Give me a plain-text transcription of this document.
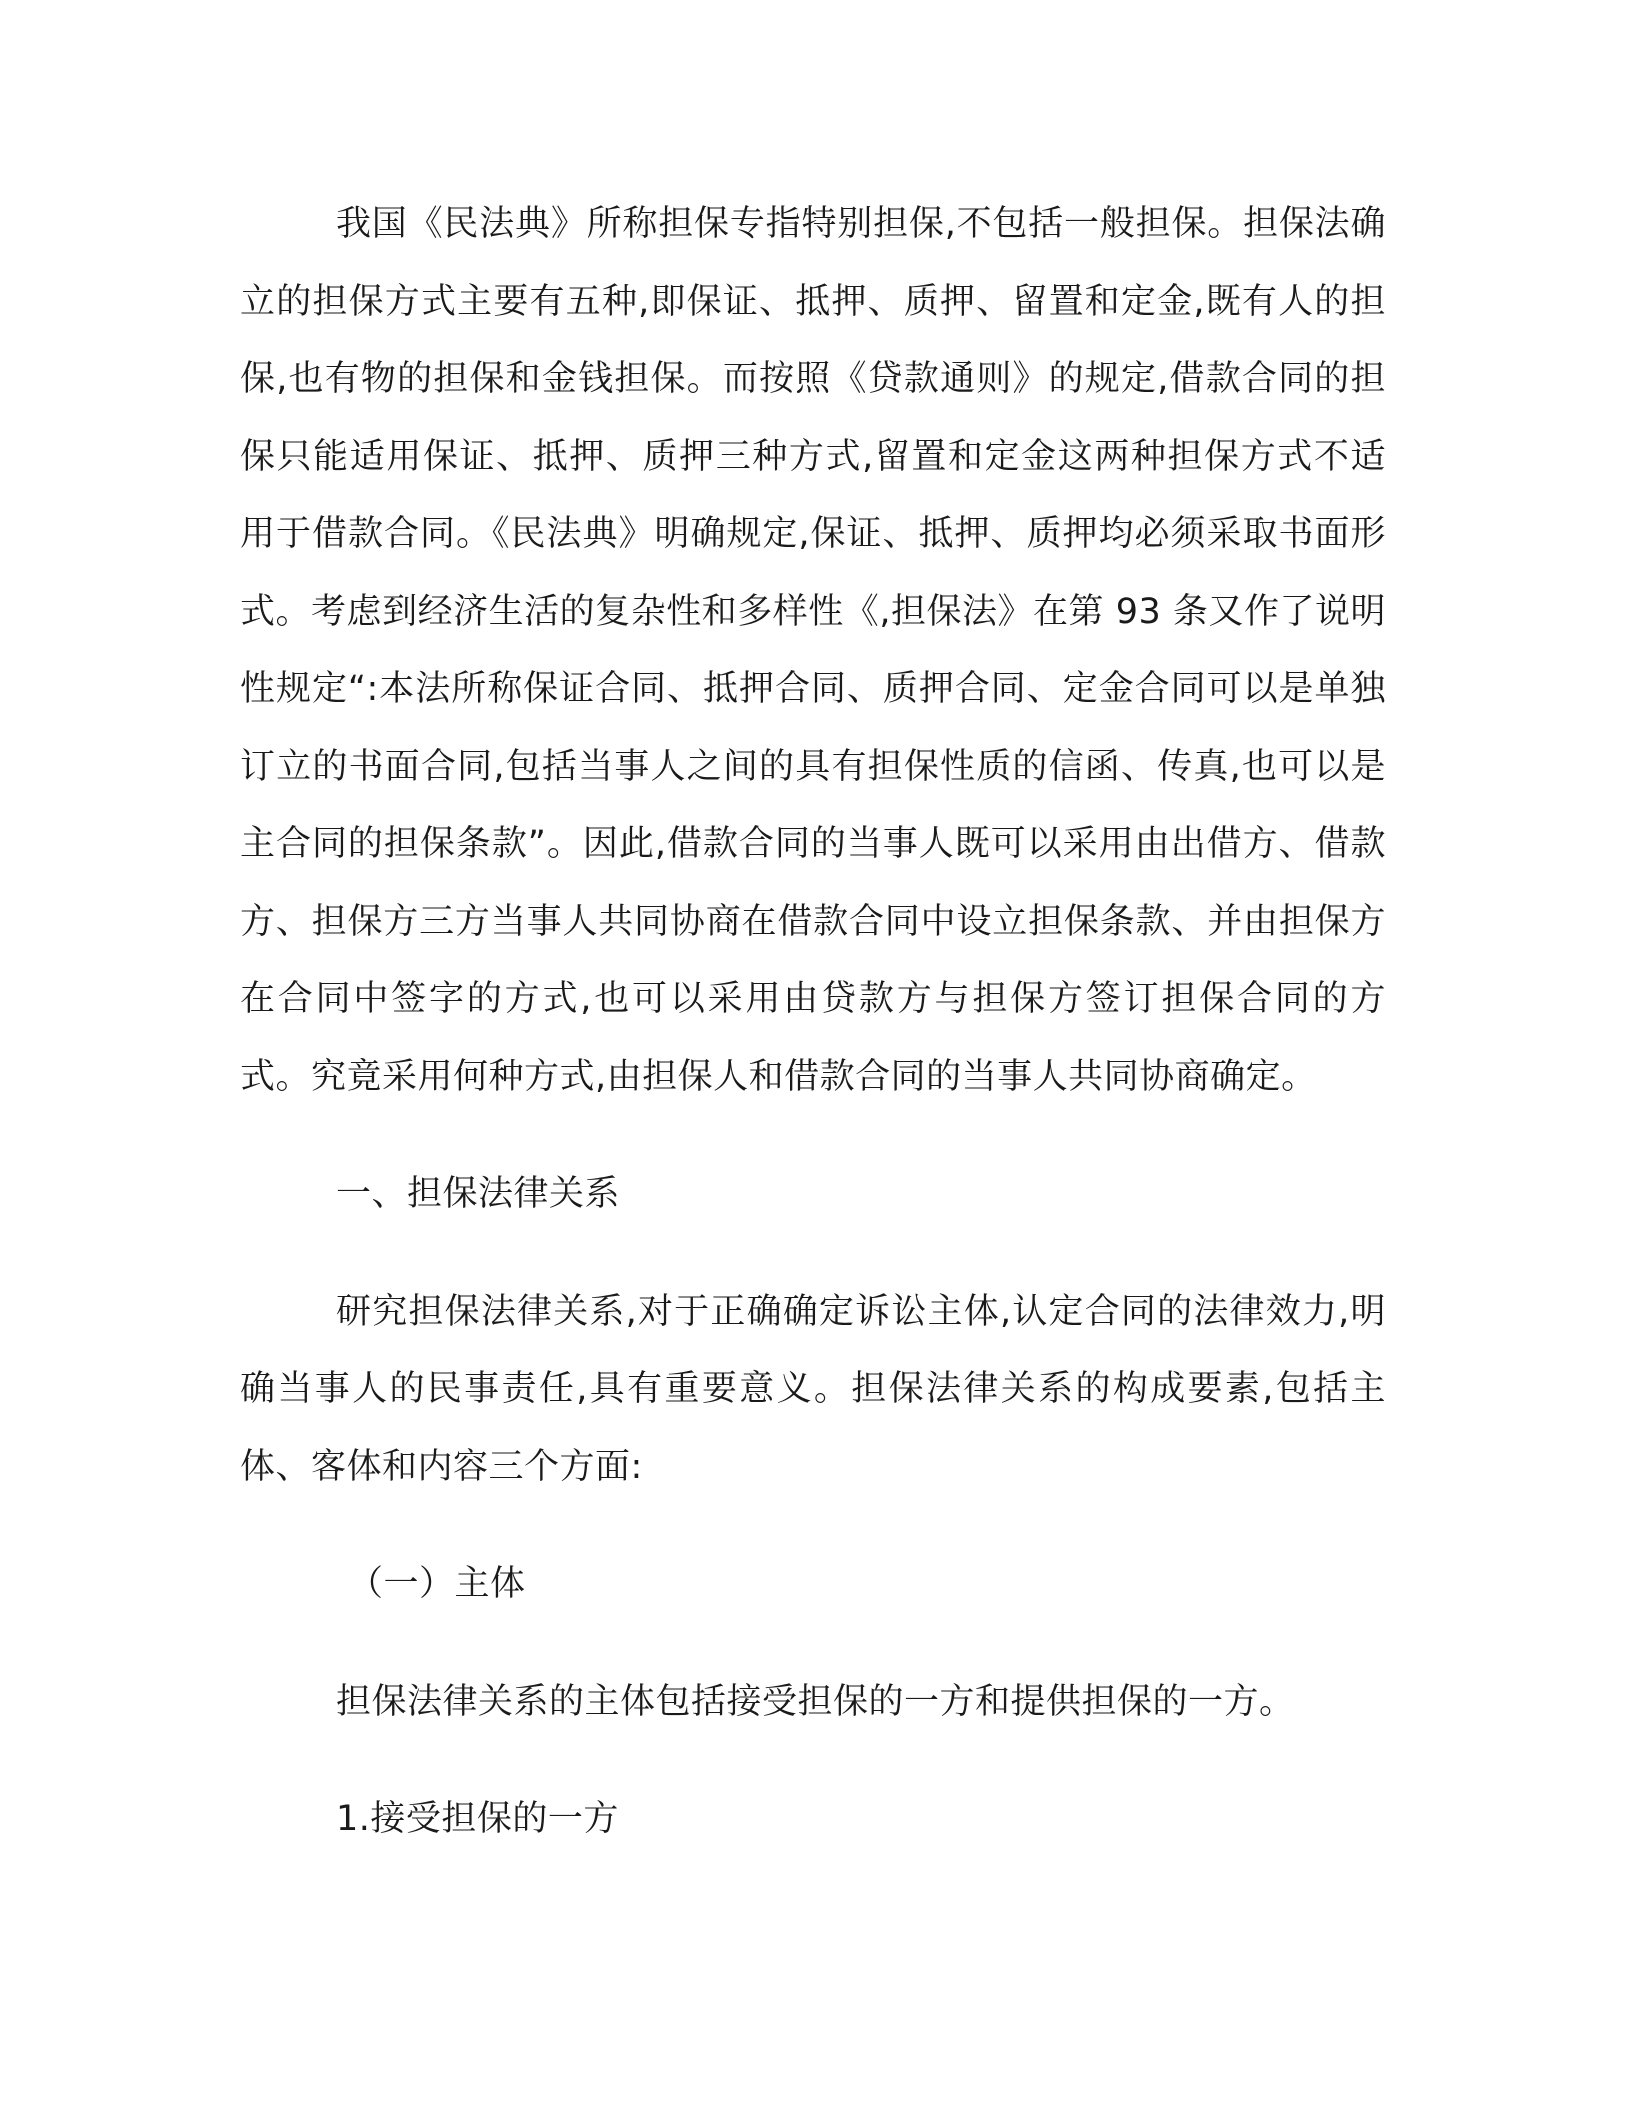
我国《民法典》所称担保专指特别担保,不包括一般担保。担保法确立的担保方式主要有五种,即保证、抵押、质押、留置和定金,既有人的担保,也有物的担保和金钱担保。而按照《贷款通则》的规定,借款合同的担保只能适用保证、抵押、质押三种方式,留置和定金这两种担保方式不适用于借款合同。《民法典》明确规定,保证、抵押、质押均必须采取书面形式。考虑到经济生活的复杂性和多样性《,担保法》在第 93 条又作了说明性规定“:本法所称保证合同、抵押合同、质押合同、定金合同可以是单独订立的书面合同,包括当事人之间的具有担保性质的信函、传真,也可以是主合同的担保条款”。因此,借款合同的当事人既可以采用由出借方、借款方、担保方三方当事人共同协商在借款合同中设立担保条款、并由担保方在合同中签字的方式,也可以采用由贷款方与担保方签订担保合同的方式。究竟采用何种方式,由担保人和借款合同的当事人共同协商确定。

一、担保法律关系

研究担保法律关系,对于正确确定诉讼主体,认定合同的法律效力,明确当事人的民事责任,具有重要意义。担保法律关系的构成要素,包括主体、客体和内容三个方面:

（一）主体

担保法律关系的主体包括接受担保的一方和提供担保的一方。

1.接受担保的一方
